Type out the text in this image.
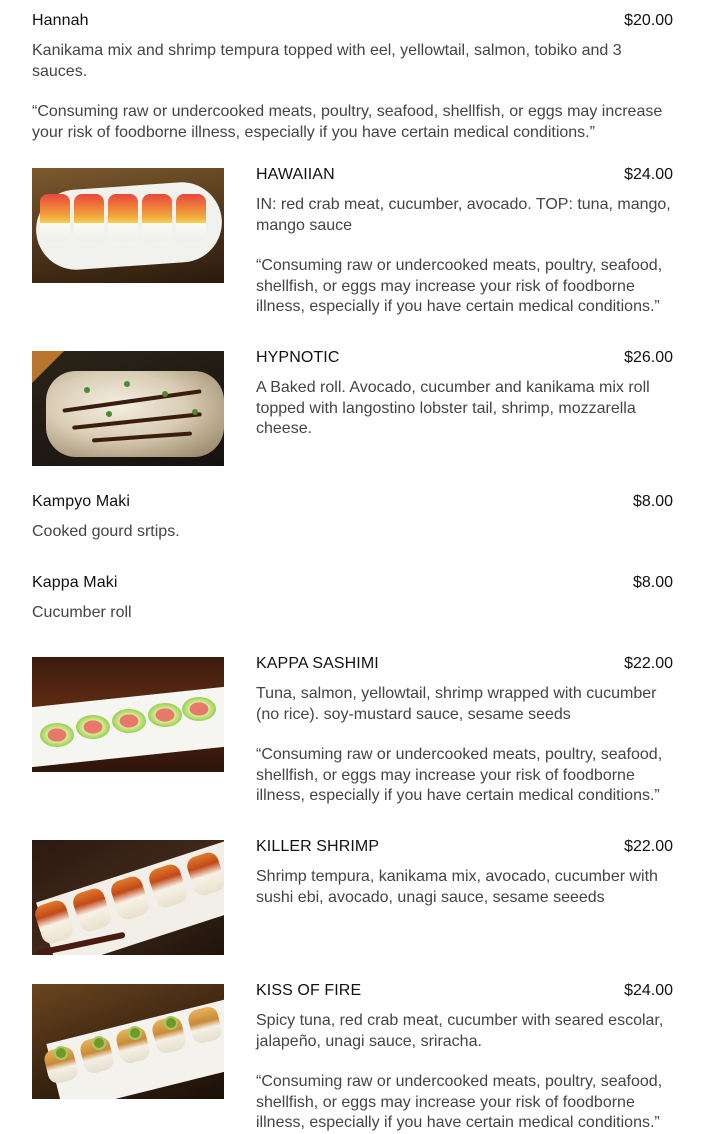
Hannah	$20.00

Kanikama mix and shrimp tempura topped with eel, yellowtail, salmon, tobiko and 3 sauces.

“Consuming raw or undercooked meats, poultry, seafood, shellfish, or eggs may increase your risk of foodborne illness, especially if you have certain medical conditions.”

HAWAIIAN	$24.00

IN: red crab meat, cucumber, avocado. TOP: tuna, mango, mango sauce

“Consuming raw or undercooked meats, poultry, seafood, shellfish, or eggs may increase your risk of foodborne illness, especially if you have certain medical conditions.”

HYPNOTIC	$26.00

A Baked roll. Avocado, cucumber and kanikama mix roll topped with langostino lobster tail, shrimp, mozzarella cheese.

Kampyo Maki	$8.00

Cooked gourd srtips.

Kappa Maki	$8.00

Cucumber roll

KAPPA SASHIMI	$22.00

Tuna, salmon, yellowtail, shrimp wrapped with cucumber (no rice). soy-mustard sauce, sesame seeds

“Consuming raw or undercooked meats, poultry, seafood, shellfish, or eggs may increase your risk of foodborne illness, especially if you have certain medical conditions.”

KILLER SHRIMP	$22.00

Shrimp tempura, kanikama mix, avocado, cucumber with sushi ebi, avocado, unagi sauce, sesame seeeds

KISS OF FIRE	$24.00

Spicy tuna, red crab meat, cucumber with seared escolar, jalapeño, unagi sauce, sriracha.

“Consuming raw or undercooked meats, poultry, seafood, shellfish, or eggs may increase your risk of foodborne illness, especially if you have certain medical conditions.”
